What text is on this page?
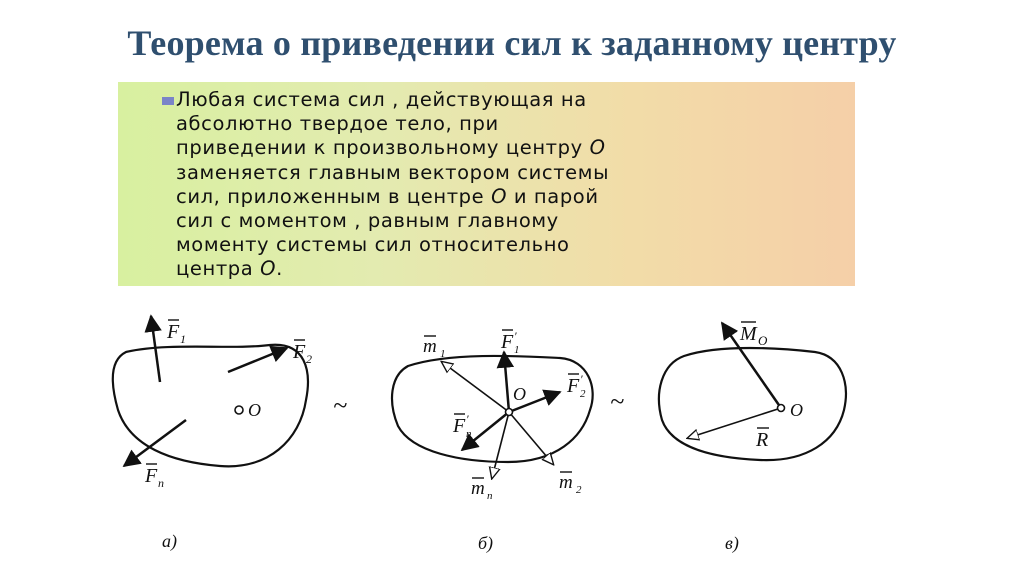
Теорема о приведении сил к заданному центру
Любая система сил , действующая на
абсолютно твердое тело, при
приведении к произвольному центру O
заменяется главным вектором системы
сил, приложенным в центре O и парой
сил с моментом , равным главному
моменту системы сил относительно
центра O.
O
F 1
F 2
F n
а)
~	O
m 1
F 1
′
F 2
′
F n
′
m n
m 2
б)
~	O
M O
R
в)
